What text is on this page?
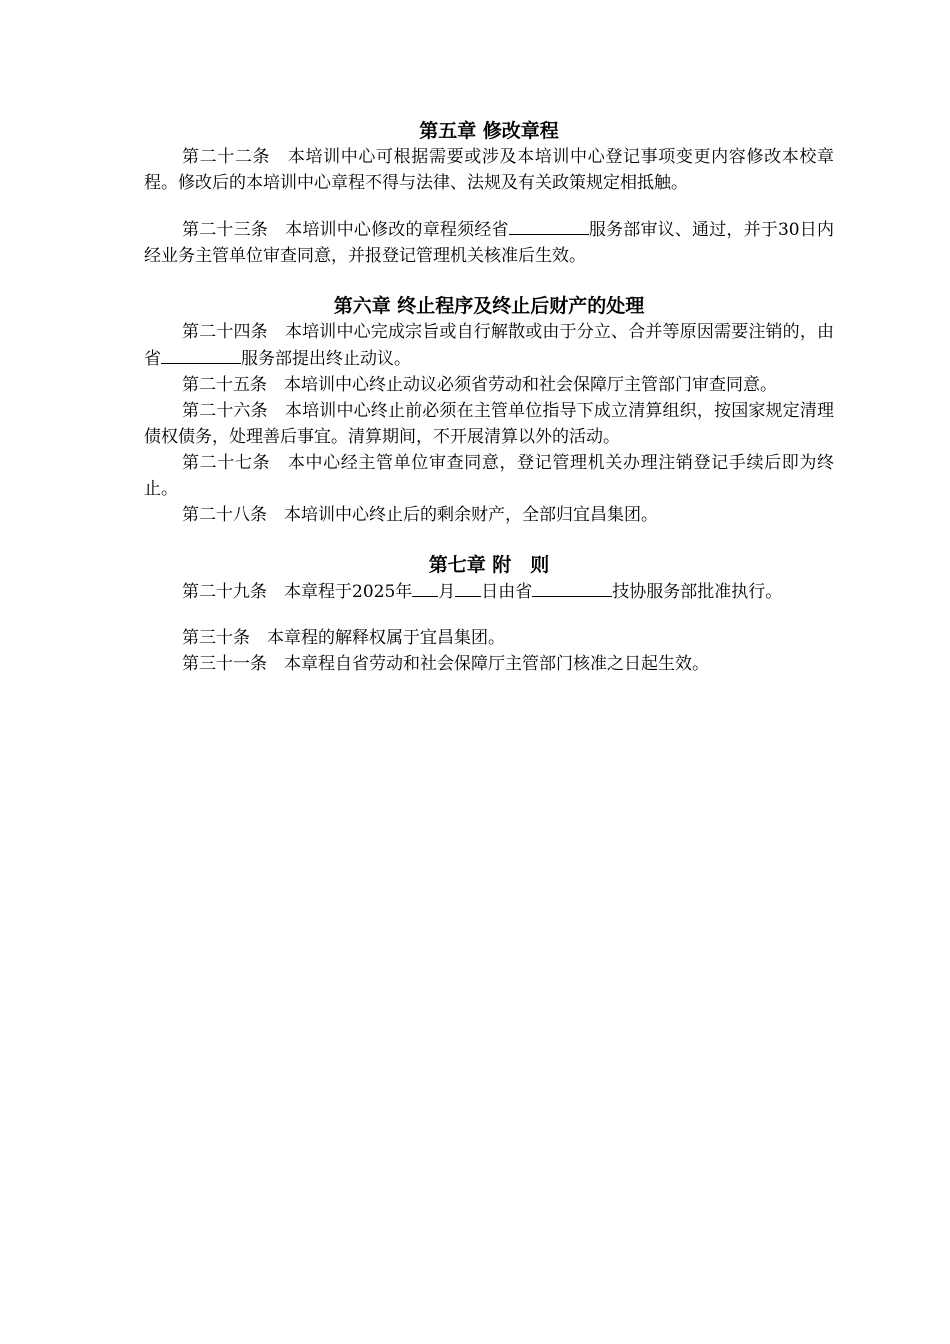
第五章 修改章程

第二十二条　本培训中心可根据需要或涉及本培训中心登记事项变更内容修改本校章程。修改后的本培训中心章程不得与法律、法规及有关政策规定相抵触。

第二十三条　本培训中心修改的章程须经省	服务部审议、通过，并于30日内经业务主管单位审查同意，并报登记管理机关核准后生效。

第六章 终止程序及终止后财产的处理

第二十四条　本培训中心完成宗旨或自行解散或由于分立、合并等原因需要注销的，由省	服务部提出终止动议。

第二十五条　本培训中心终止动议必须省劳动和社会保障厅主管部门审查同意。

第二十六条　本培训中心终止前必须在主管单位指导下成立清算组织，按国家规定清理债权债务，处理善后事宜。清算期间，不开展清算以外的活动。

第二十七条　本中心经主管单位审查同意，登记管理机关办理注销登记手续后即为终止。

第二十八条　本培训中心终止后的剩余财产，全部归宜昌集团。

第七章 附　则

第二十九条　本章程于2025年 月 日由省	技协服务部批准执行。

第三十条　本章程的解释权属于宜昌集团。

第三十一条　本章程自省劳动和社会保障厅主管部门核准之日起生效。
